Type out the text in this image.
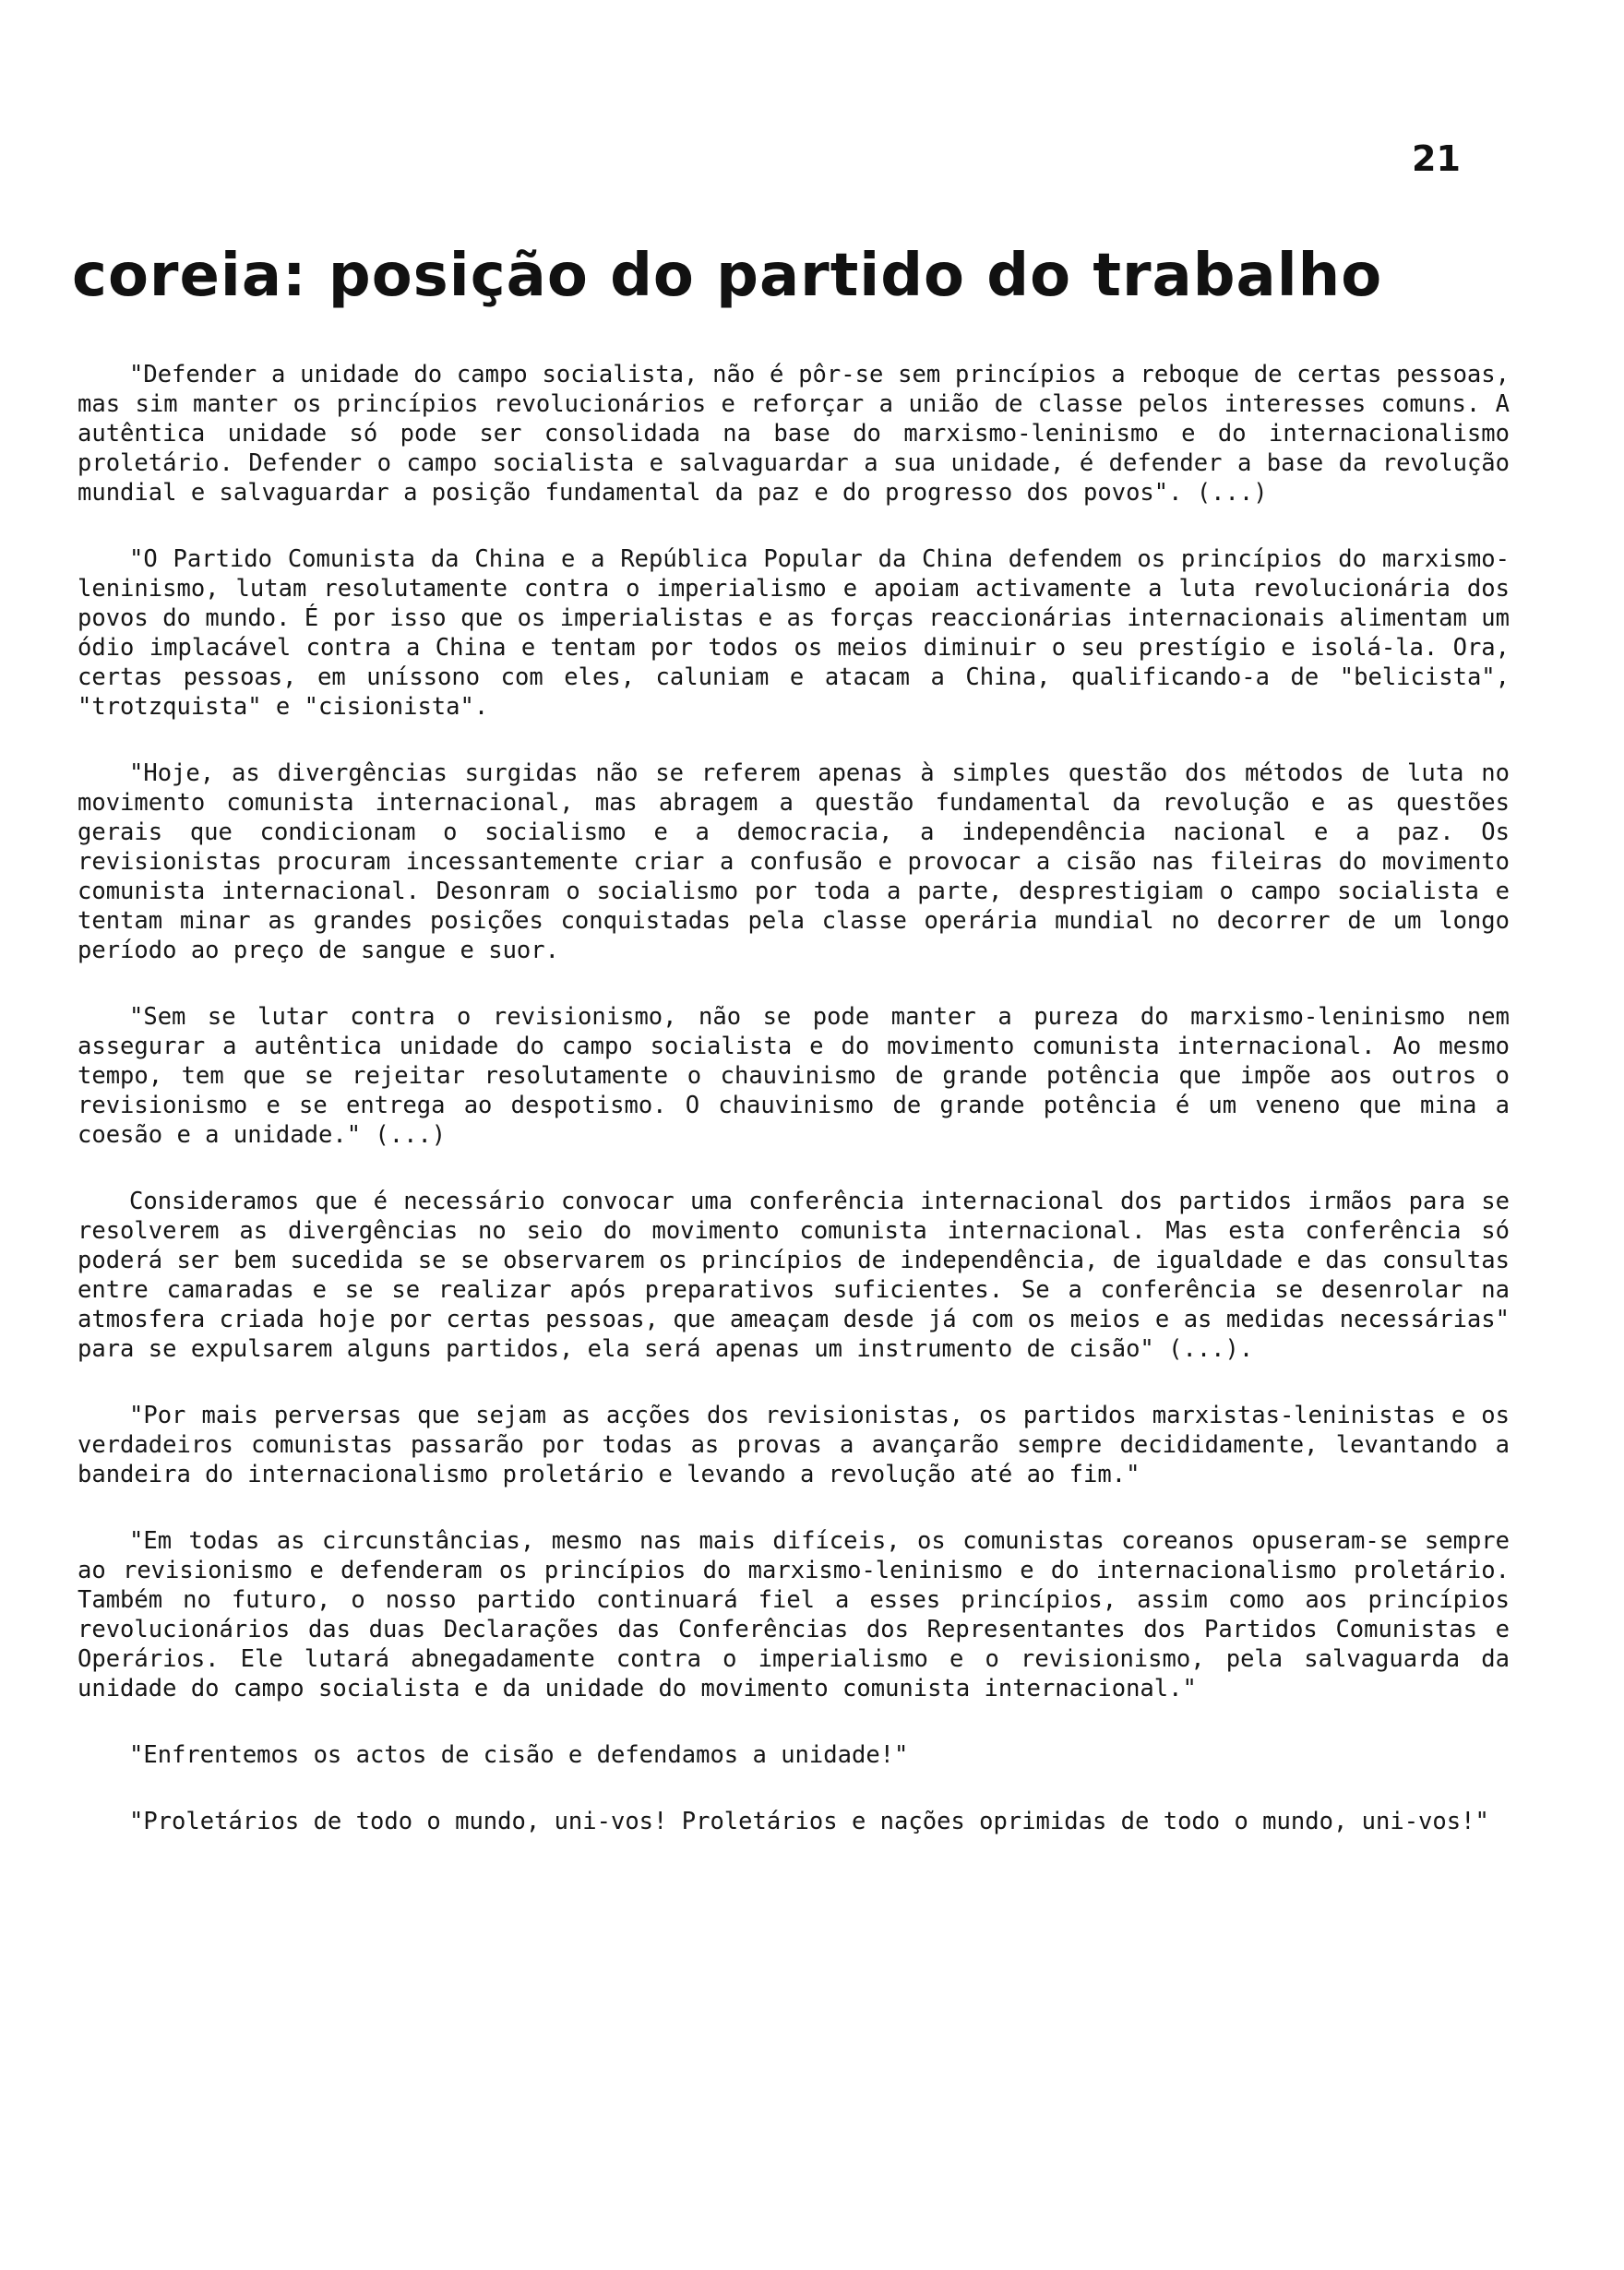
21
coreia: posição do partido do trabalho

"Defender a unidade do campo socialista, não é pôr-se sem princípios a reboque de certas pessoas, mas sim manter os princípios revolucionários e reforçar a união de classe pelos interesses comuns. A autêntica unidade só pode ser consolidada na base do marxismo-leninismo e do internacionalismo proletário. Defender o campo socialista e salvaguardar a sua unidade, é defender a base da revolução mundial e salvaguardar a posição fundamental da paz e do progresso dos povos". (...)

"O Partido Comunista da China e a República Popular da China defendem os princípios do marxismo-leninismo, lutam resolutamente contra o imperialismo e apoiam activamente a luta revolucionária dos povos do mundo. É por isso que os imperialistas e as forças reaccionárias internacionais alimentam um ódio implacável contra a China e tentam por todos os meios diminuir o seu prestígio e isolá-la. Ora, certas pessoas, em uníssono com eles, caluniam e atacam a China, qualificando-a de "belicista", "trotzquista" e "cisionista".

"Hoje, as divergências surgidas não se referem apenas à simples questão dos métodos de luta no movimento comunista internacional, mas abragem a questão fundamental da revolução e as questões gerais que condicionam o socialismo e a democracia, a independência nacional e a paz. Os revisionistas procuram incessantemente criar a confusão e provocar a cisão nas fileiras do movimento comunista internacional. Desonram o socialismo por toda a parte, desprestigiam o campo socialista e tentam minar as grandes posições conquistadas pela classe operária mundial no decorrer de um longo período ao preço de sangue e suor.

"Sem se lutar contra o revisionismo, não se pode manter a pureza do marxismo-leninismo nem assegurar a autêntica unidade do campo socialista e do movimento comunista internacional. Ao mesmo tempo, tem que se rejeitar resolutamente o chauvinismo de grande potência que impõe aos outros o revisionismo e se entrega ao despotismo. O chauvinismo de grande potência é um veneno que mina a coesão e a unidade." (...)

Consideramos que é necessário convocar uma conferência internacional dos partidos irmãos para se resolverem as divergências no seio do movimento comunista internacional. Mas esta conferência só poderá ser bem sucedida se se observarem os princípios de independência, de igualdade e das consultas entre camaradas e se se realizar após preparativos suficientes. Se a conferência se desenrolar na atmosfera criada hoje por certas pessoas, que ameaçam desde já com os meios e as medidas necessárias" para se expulsarem alguns partidos, ela será apenas um instrumento de cisão" (...).

"Por mais perversas que sejam as acções dos revisionistas, os partidos marxistas-leninistas e os verdadeiros comunistas passarão por todas as provas a avançarão sempre decididamente, levantando a bandeira do internacionalismo proletário e levando a revolução até ao fim."

"Em todas as circunstâncias, mesmo nas mais difíceis, os comunistas coreanos opuseram-se sempre ao revisionismo e defenderam os princípios do marxismo-leninismo e do internacionalismo proletário. Também no futuro, o nosso partido continuará fiel a esses princípios, assim como aos princípios revolucionários das duas Declarações das Conferências dos Representantes dos Partidos Comunistas e Operários. Ele lutará abnegadamente contra o imperialismo e o revisionismo, pela salvaguarda da unidade do campo socialista e da unidade do movimento comunista internacional."

"Enfrentemos os actos de cisão e defendamos a unidade!"

"Proletários de todo o mundo, uni-vos! Proletários e nações oprimidas de todo o mundo, uni-vos!"
